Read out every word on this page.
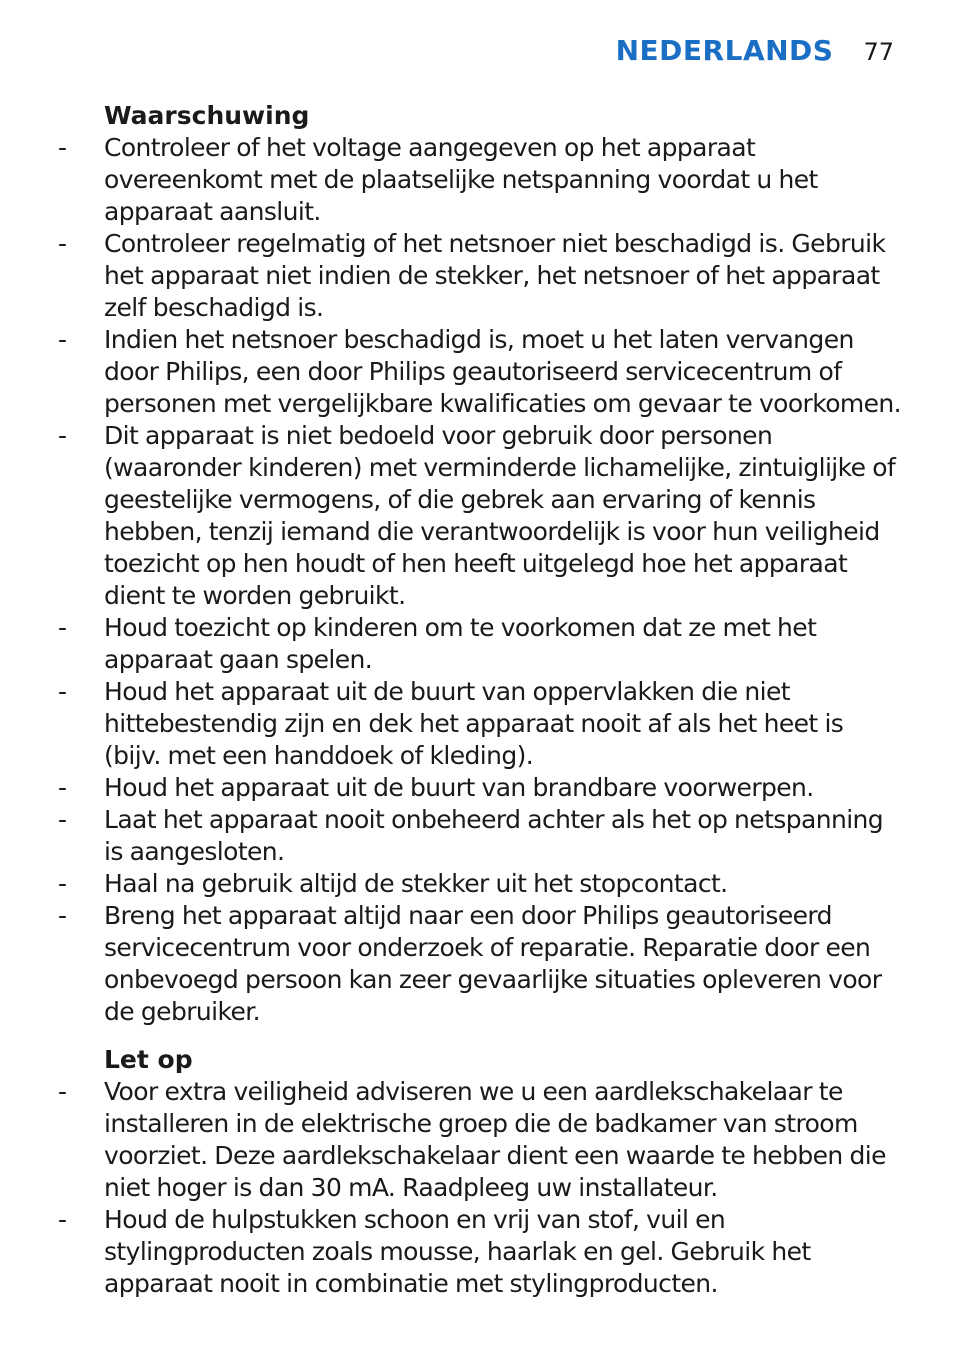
NEDERLANDS 77
Waarschuwing
-	Controleer of het voltage aangegeven op het apparaat overeenkomt met de plaatselijke netspanning voordat u het apparaat aansluit.
-	Controleer regelmatig of het netsnoer niet beschadigd is. Gebruik het apparaat niet indien de stekker, het netsnoer of het apparaat zelf beschadigd is.
-	Indien het netsnoer beschadigd is, moet u het laten vervangen door Philips, een door Philips geautoriseerd servicecentrum of personen met vergelijkbare kwalificaties om gevaar te voorkomen.
-	Dit apparaat is niet bedoeld voor gebruik door personen (waaronder kinderen) met verminderde lichamelijke, zintuiglijke of geestelijke vermogens, of die gebrek aan ervaring of kennis hebben, tenzij iemand die verantwoordelijk is voor hun veiligheid toezicht op hen houdt of hen heeft uitgelegd hoe het apparaat dient te worden gebruikt.
-	Houd toezicht op kinderen om te voorkomen dat ze met het apparaat gaan spelen.
-	Houd het apparaat uit de buurt van oppervlakken die niet hittebestendig zijn en dek het apparaat nooit af als het heet is (bijv. met een handdoek of kleding).
-	Houd het apparaat uit de buurt van brandbare voorwerpen.
-	Laat het apparaat nooit onbeheerd achter als het op netspanning is aangesloten.
-	Haal na gebruik altijd de stekker uit het stopcontact.
-	Breng het apparaat altijd naar een door Philips geautoriseerd servicecentrum voor onderzoek of reparatie. Reparatie door een onbevoegd persoon kan zeer gevaarlijke situaties opleveren voor de gebruiker.
Let op
-	Voor extra veiligheid adviseren we u een aardlekschakelaar te installeren in de elektrische groep die de badkamer van stroom voorziet. Deze aardlekschakelaar dient een waarde te hebben die niet hoger is dan 30 mA. Raadpleeg uw installateur.
-	Houd de hulpstukken schoon en vrij van stof, vuil en stylingproducten zoals mousse, haarlak en gel. Gebruik het apparaat nooit in combinatie met stylingproducten.
